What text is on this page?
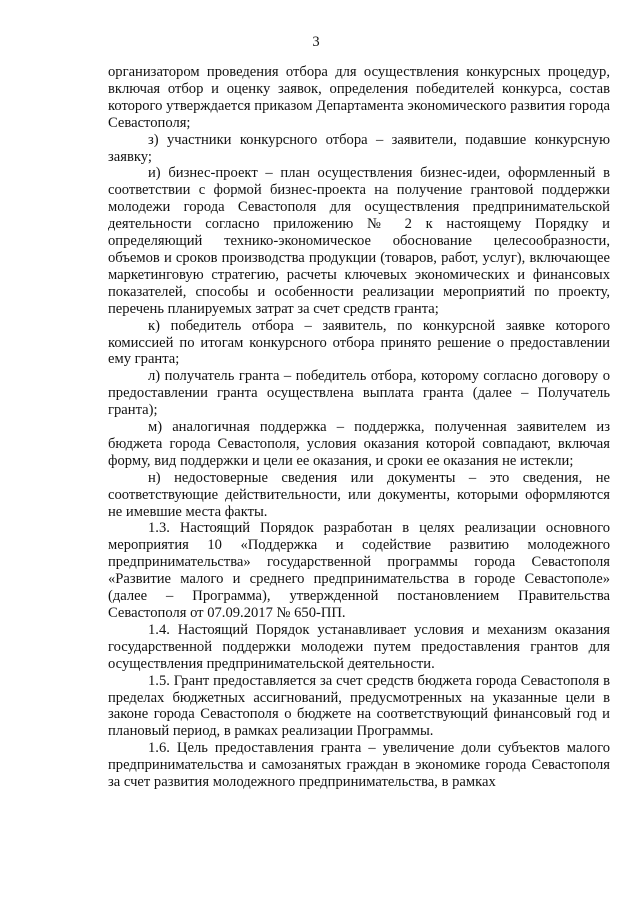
3

организатором проведения отбора для осуществления конкурсных процедур, включая отбор и оценку заявок, определения победителей конкурса, состав которого утверждается приказом Департамента экономического развития города Севастополя;

з) участники конкурсного отбора – заявители, подавшие конкурсную заявку;

и) бизнес-проект – план осуществления бизнес-идеи, оформленный в соответствии с формой бизнес-проекта на получение грантовой поддержки молодежи города Севастополя для осуществления предпринимательской деятельности согласно приложению № 2 к настоящему Порядку и определяющий технико-экономическое обоснование целесообразности, объемов и сроков производства продукции (товаров, работ, услуг), включающее маркетинговую стратегию, расчеты ключевых экономических и финансовых показателей, способы и особенности реализации мероприятий по проекту, перечень планируемых затрат за счет средств гранта;

к) победитель отбора – заявитель, по конкурсной заявке которого комиссией по итогам конкурсного отбора принято решение о предоставлении ему гранта;

л) получатель гранта – победитель отбора, которому согласно договору о предоставлении гранта осуществлена выплата гранта (далее – Получатель гранта);

м) аналогичная поддержка – поддержка, полученная заявителем из бюджета города Севастополя, условия оказания которой совпадают, включая форму, вид поддержки и цели ее оказания, и сроки ее оказания не истекли;

н) недостоверные сведения или документы – это сведения, не соответствующие действительности, или документы, которыми оформляются не имевшие места факты.

1.3. Настоящий Порядок разработан в целях реализации основного мероприятия 10 «Поддержка и содействие развитию молодежного предпринимательства» государственной программы города Севастополя «Развитие малого и среднего предпринимательства в городе Севастополе» (далее – Программа), утвержденной постановлением Правительства Севастополя от 07.09.2017 № 650-ПП.

1.4. Настоящий Порядок устанавливает условия и механизм оказания государственной поддержки молодежи путем предоставления грантов для осуществления предпринимательской деятельности.

1.5. Грант предоставляется за счет средств бюджета города Севастополя в пределах бюджетных ассигнований, предусмотренных на указанные цели в законе города Севастополя о бюджете на соответствующий финансовый год и плановый период, в рамках реализации Программы.

1.6. Цель предоставления гранта – увеличение доли субъектов малого предпринимательства и самозанятых граждан в экономике города Севастополя за счет развития молодежного предпринимательства, в рамках
